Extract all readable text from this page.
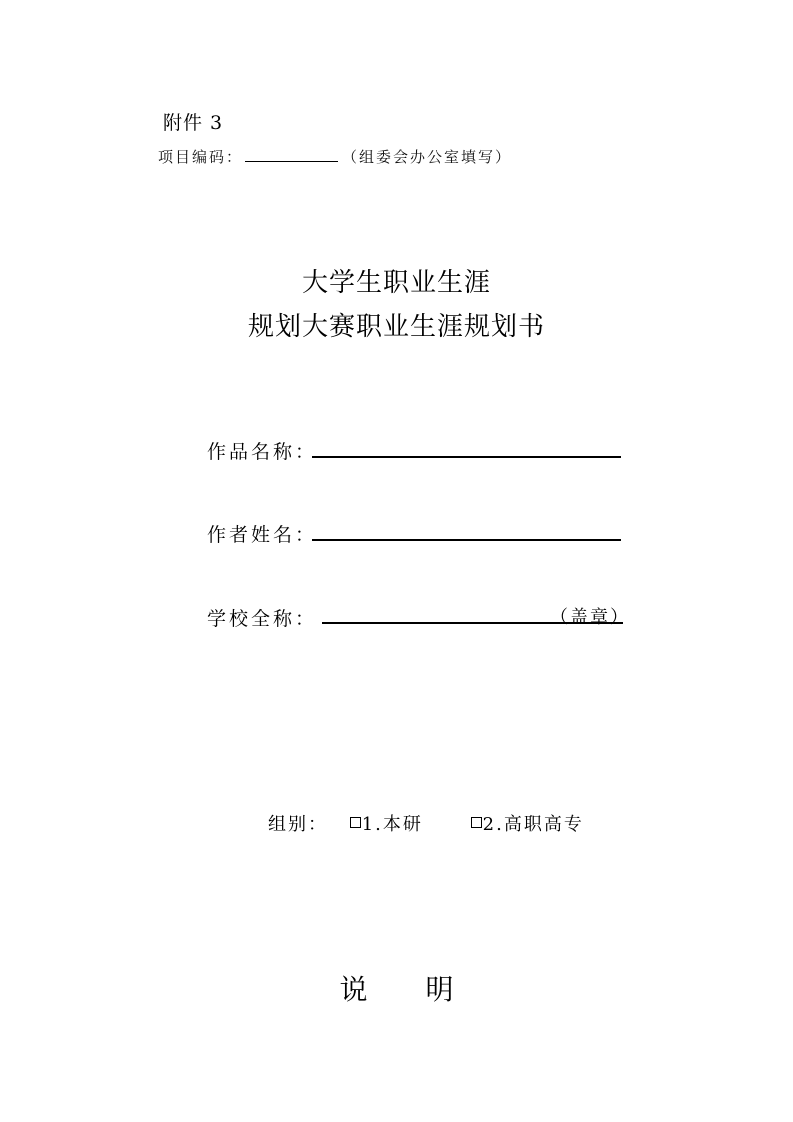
附件 3
项目编码：	（组委会办公室填写）
大学生职业生涯
规划大赛职业生涯规划书
作品名称：
作者姓名：
学校全称：	（盖章）
组别： 1.本研	2.高职高专
说 明
